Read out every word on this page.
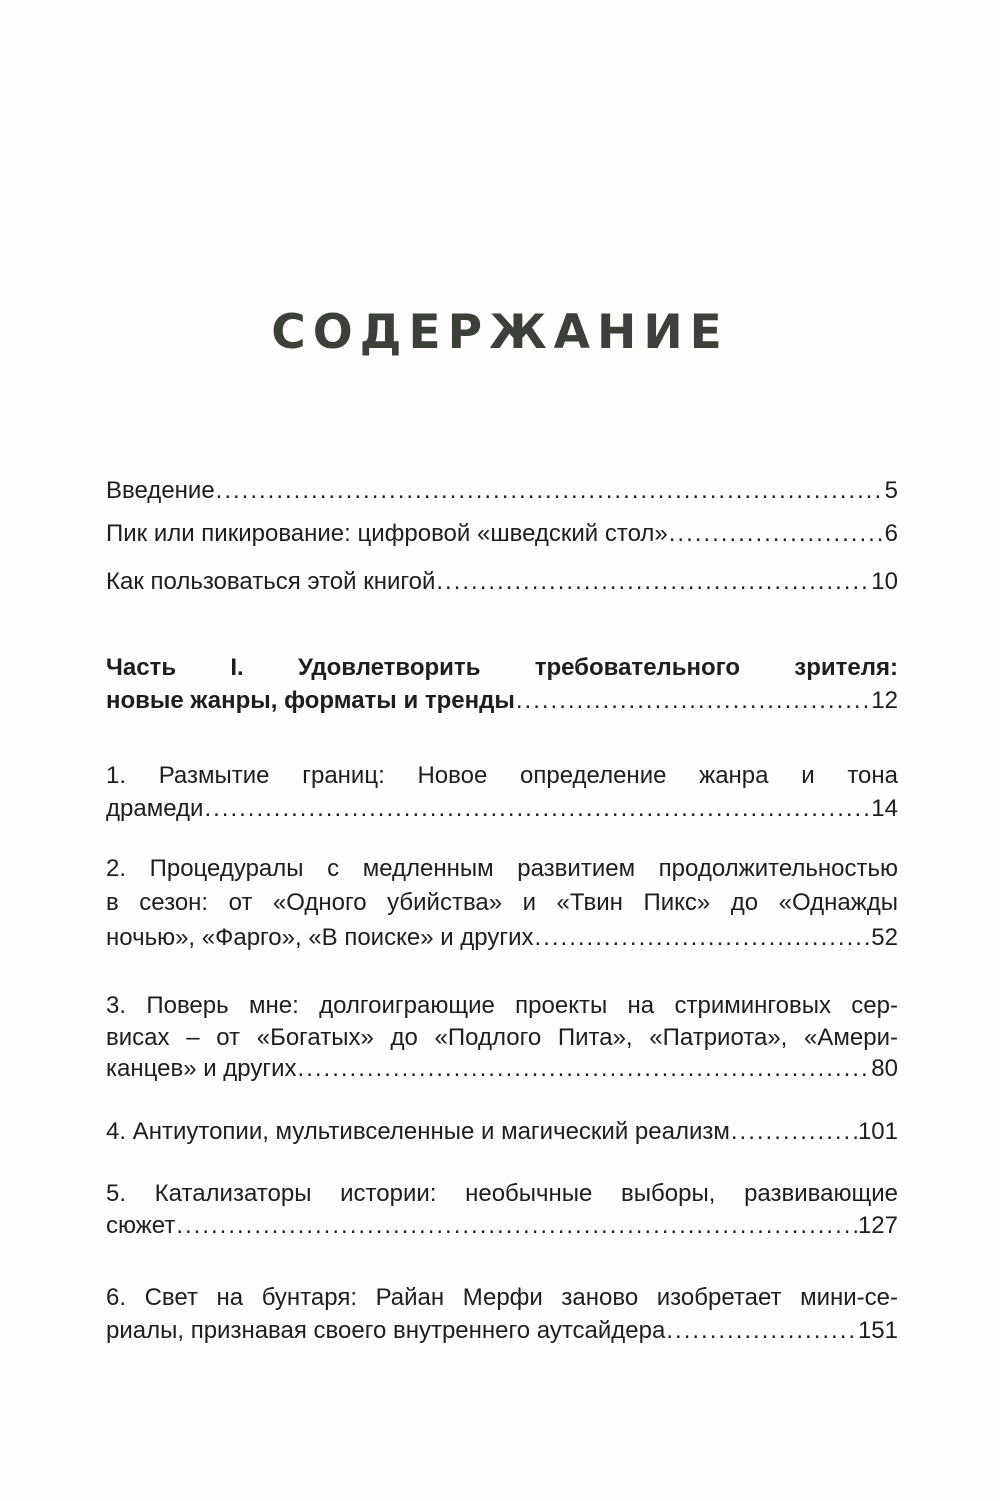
СОДЕРЖАНИЕ
Введение .....	5
Пик или пикирование: цифровой «шведский стол» .....	6
Как пользоваться этой книгой .....	10
Часть I. Удовлетворить требовательного зрителя:
новые жанры, форматы и тренды .....	12
1. Размытие границ: Новое определение жанра и тона
драмеди .....	14
2. Процедуралы с медленным развитием продолжительностью
в сезон: от «Одного убийства» и «Твин Пикс» до «Однажды
ночью», «Фарго», «В поиске» и других .....	52
3. Поверь мне: долгоиграющие проекты на стриминговых сер-
висах – от «Богатых» до «Подлого Пита», «Патриота», «Амери-
канцев» и других .....	80
4. Антиутопии, мультивселенные и магический реализм .....	101
5. Катализаторы истории: необычные выборы, развивающие
сюжет .....	127
6. Свет на бунтаря: Райан Мерфи заново изобретает мини-се-
риалы, признавая своего внутреннего аутсайдера .....	151
